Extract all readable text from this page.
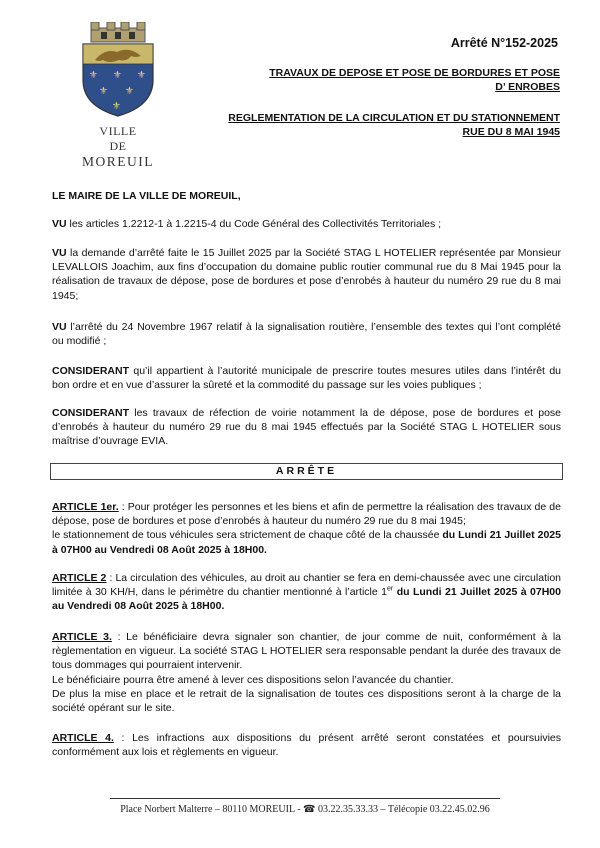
⚜ ⚜ ⚜
⚜ ⚜
⚜
VILLE
DE
MOREUIL
Arrêté N°152-2025
TRAVAUX DE DEPOSE ET POSE DE BORDURES ET POSE
D’ ENROBES
REGLEMENTATION DE LA CIRCULATION ET DU STATIONNEMENT
RUE DU 8 MAI 1945

LE MAIRE DE LA VILLE DE MOREUIL,

VU les articles 1.2212-1 à 1.2215-4 du Code Général des Collectivités Territoriales ;

VU la demande d’arrêté faite le 15 Juillet 2025 par la Société STAG L HOTELIER représentée par Monsieur LEVALLOIS Joachim, aux fins d’occupation du domaine public routier communal rue du 8 Mai 1945 pour la réalisation de travaux de dépose, pose de bordures et pose d’enrobés à hauteur du numéro 29 rue du 8 mai 1945;

VU l’arrêté du 24 Novembre 1967 relatif à la signalisation routière, l’ensemble des textes qui l’ont complété ou modifié ;

CONSIDERANT qu’il appartient à l’autorité municipale de prescrire toutes mesures utiles dans l’intérêt du bon ordre et en vue d’assurer la sûreté et la commodité du passage sur les voies publiques ;

CONSIDERANT les travaux de réfection de voirie notamment la de dépose, pose de bordures et pose d’enrobés à hauteur du numéro 29 rue du 8 mai 1945 effectués par la Société STAG L HOTELIER sous maîtrise d’ouvrage EVIA.

ARRÊTE

ARTICLE 1er. : Pour protéger les personnes et les biens et afin de permettre la réalisation des travaux de de dépose, pose de bordures et pose d’enrobés à hauteur du numéro 29 rue du 8 mai 1945;

le stationnement de tous véhicules sera strictement de chaque côté de la chaussée du Lundi 21 Juillet 2025 à 07H00 au Vendredi 08 Août 2025 à 18H00.

ARTICLE 2 : La circulation des véhicules, au droit au chantier se fera en demi-chaussée avec une circulation limitée à 30 KH/H, dans le périmètre du chantier mentionné à l’article 1er du Lundi 21 Juillet 2025 à 07H00 au Vendredi 08 Août 2025 à 18H00.

ARTICLE 3. : Le bénéficiaire devra signaler son chantier, de jour comme de nuit, conformément à la règlementation en vigueur. La société STAG L HOTELIER sera responsable pendant la durée des travaux de tous dommages qui pourraient intervenir.

Le bénéficiaire pourra être amené à lever ces dispositions selon l’avancée du chantier.

De plus la mise en place et le retrait de la signalisation de toutes ces dispositions seront à la charge de la société opérant sur le site.

ARTICLE 4. : Les infractions aux dispositions du présent arrêté seront constatées et poursuivies conformément aux lois et règlements en vigueur.

Place Norbert Malterre – 80110 MOREUIL - ☎ 03.22.35.33.33 – Télécopie 03.22.45.02.96
